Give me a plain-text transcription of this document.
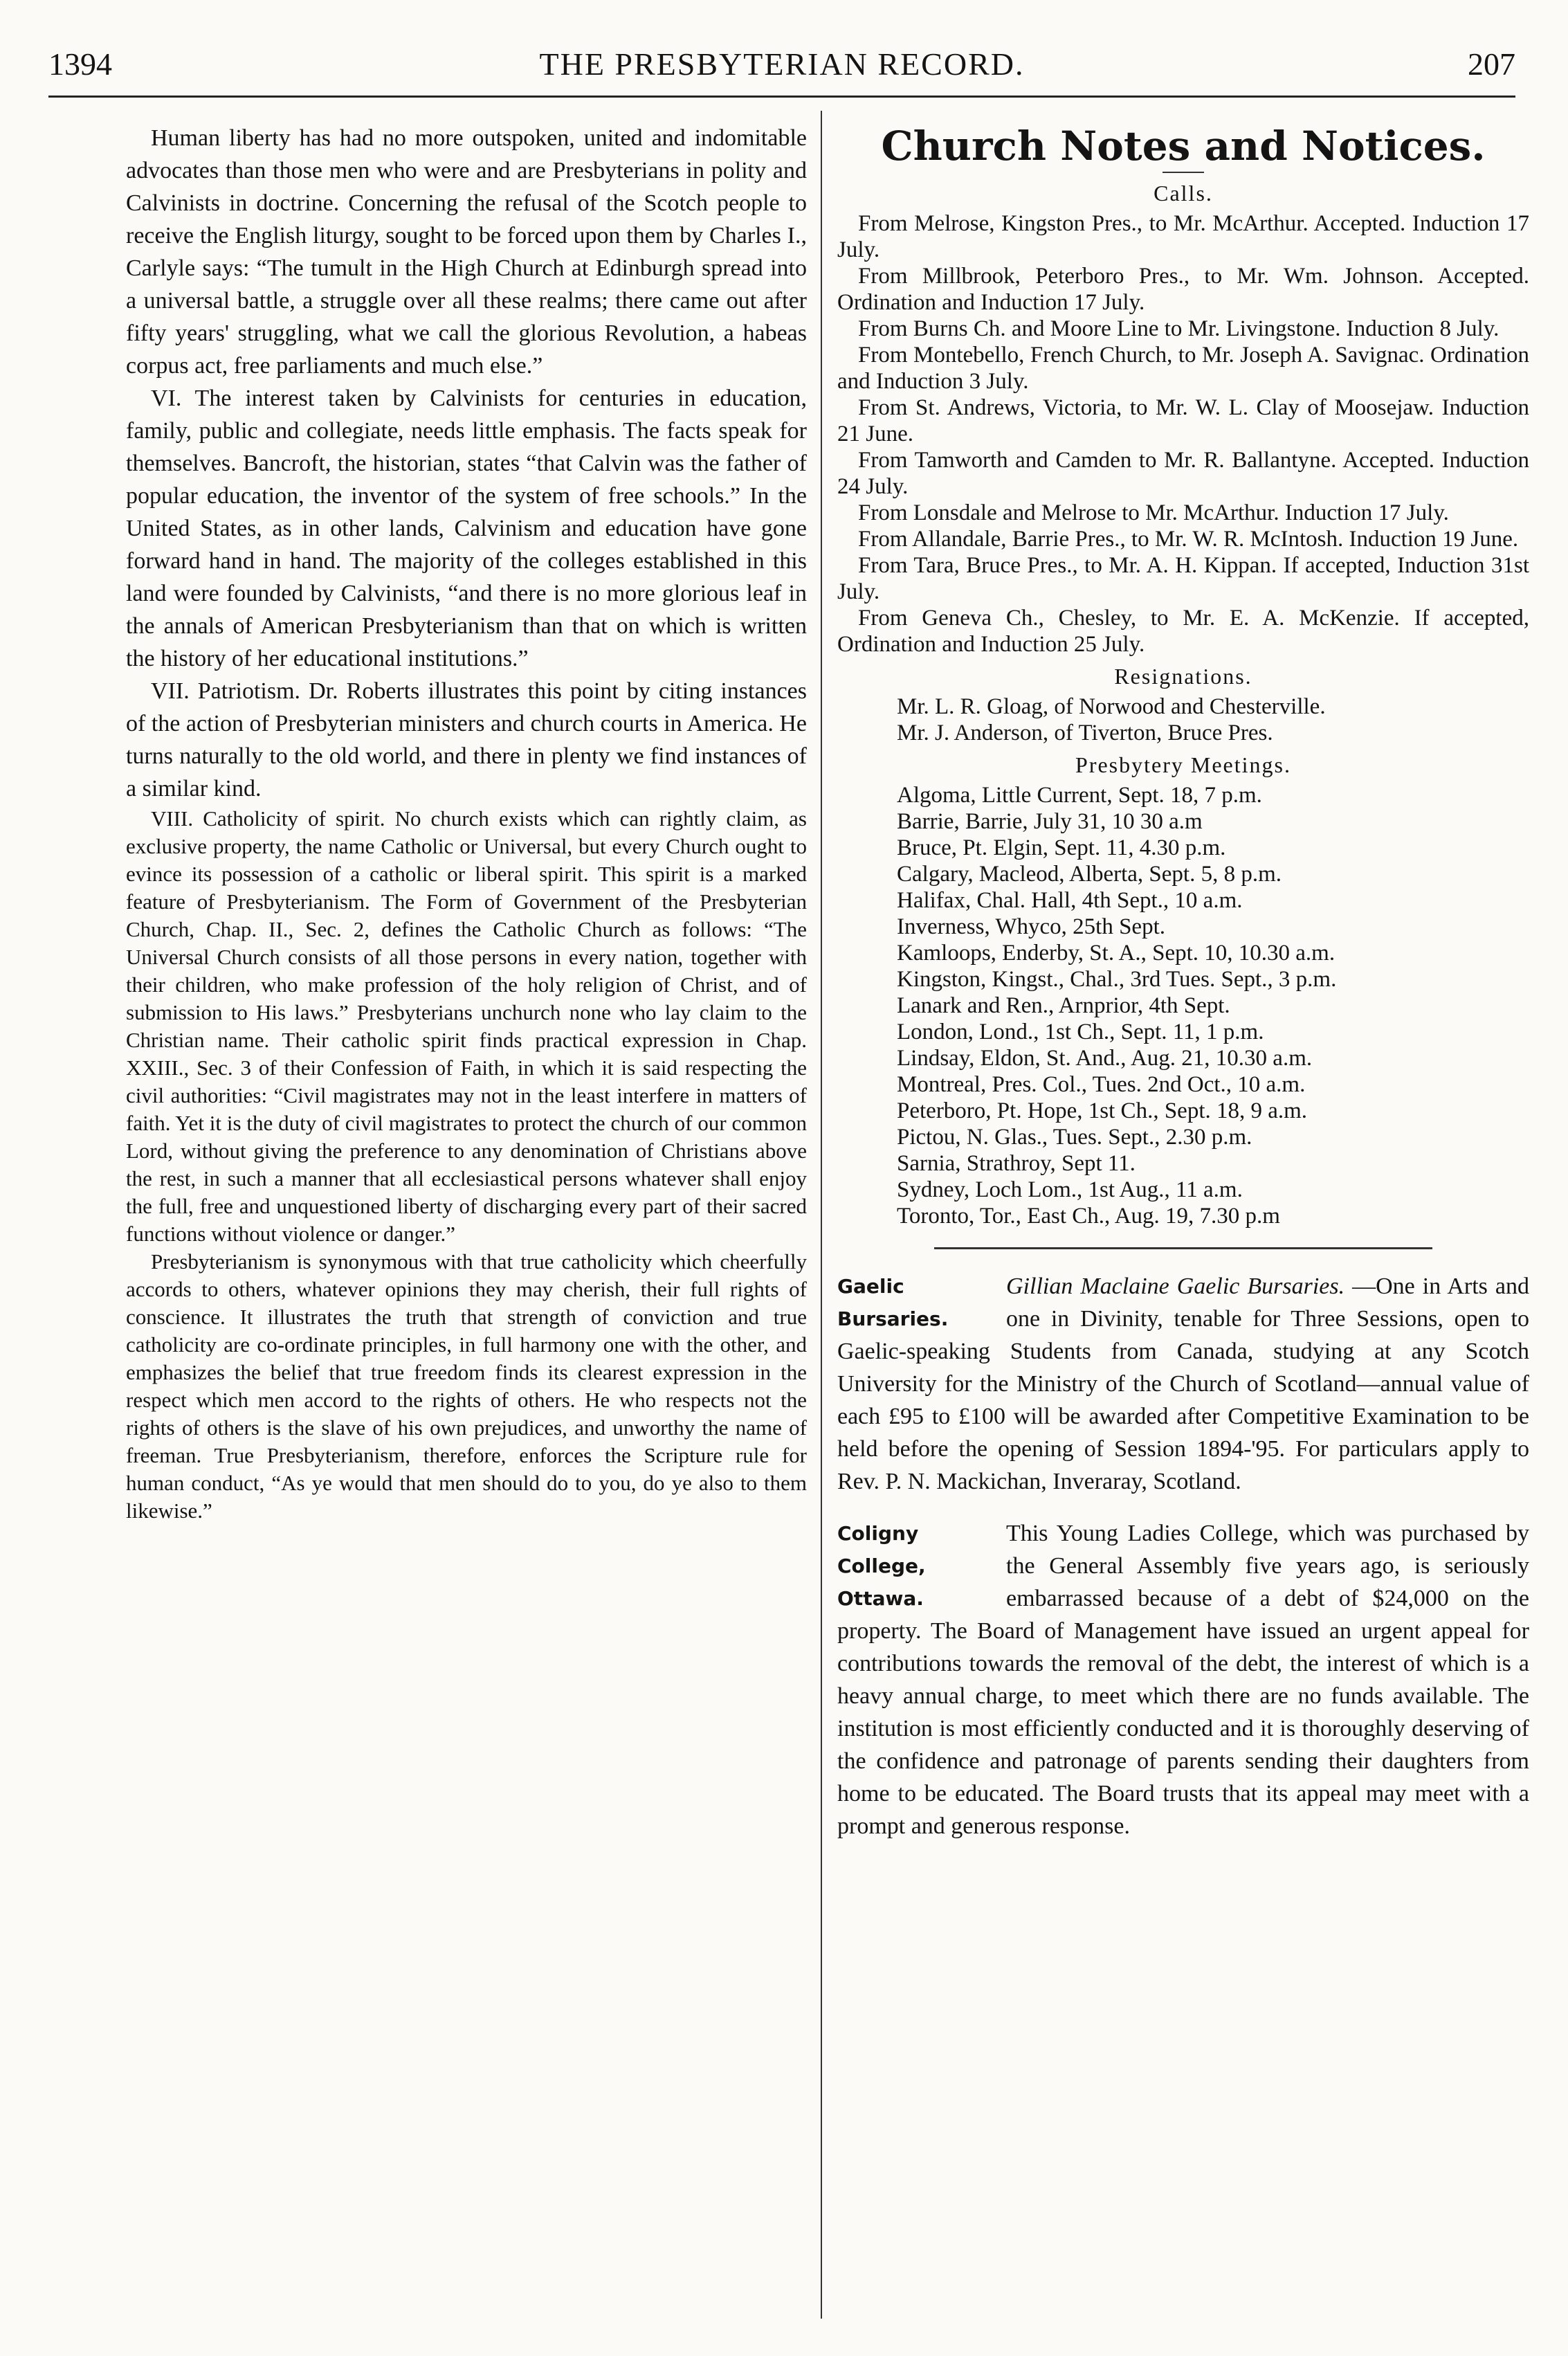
THE PRESBYTERIAN RECORD.
1394	207

Human liberty has had no more outspoken, united and indomitable advocates than those men who were and are Presbyterians in polity and Calvinists in doctrine. Concerning the refusal of the Scotch people to receive the English liturgy, sought to be forced upon them by Charles I., Carlyle says: “The tumult in the High Church at Edinburgh spread into a universal battle, a struggle over all these realms; there came out after fifty years' struggling, what we call the glorious Revolution, a habeas corpus act, free parliaments and much else.”

VI. The interest taken by Calvinists for centuries in education, family, public and collegiate, needs little emphasis. The facts speak for themselves. Bancroft, the historian, states “that Calvin was the father of popular education, the inventor of the system of free schools.” In the United States, as in other lands, Calvinism and education have gone forward hand in hand. The majority of the colleges established in this land were founded by Calvinists, “and there is no more glorious leaf in the annals of American Presbyterianism than that on which is written the history of her educational institutions.”

VII. Patriotism. Dr. Roberts illustrates this point by citing instances of the action of Presbyterian ministers and church courts in America. He turns naturally to the old world, and there in plenty we find instances of a similar kind.

VIII. Catholicity of spirit. No church exists which can rightly claim, as exclusive property, the name Catholic or Universal, but every Church ought to evince its possession of a catholic or liberal spirit. This spirit is a marked feature of Presbyterianism. The Form of Government of the Presbyterian Church, Chap. II., Sec. 2, defines the Catholic Church as follows: “The Universal Church consists of all those persons in every nation, together with their children, who make profession of the holy religion of Christ, and of submission to His laws.” Presbyterians unchurch none who lay claim to the Christian name. Their catholic spirit finds practical expression in Chap. XXIII., Sec. 3 of their Confession of Faith, in which it is said respecting the civil authorities: “Civil magistrates may not in the least interfere in matters of faith. Yet it is the duty of civil magistrates to protect the church of our common Lord, without giving the preference to any denomination of Christians above the rest, in such a manner that all ecclesiastical persons whatever shall enjoy the full, free and unquestioned liberty of discharging every part of their sacred functions without violence or danger.”

Presbyterianism is synonymous with that true catholicity which cheerfully accords to others, whatever opinions they may cherish, their full rights of conscience. It illustrates the truth that strength of conviction and true catholicity are co-ordinate principles, in full harmony one with the other, and emphasizes the belief that true freedom finds its clearest expression in the respect which men accord to the rights of others. He who respects not the rights of others is the slave of his own prejudices, and unworthy the name of freeman. True Presbyterianism, therefore, enforces the Scripture rule for human conduct, “As ye would that men should do to you, do ye also to them likewise.”

Church Notes and Notices.
Calls.

From Melrose, Kingston Pres., to Mr. McArthur. Accepted. Induction 17 July.

From Millbrook, Peterboro Pres., to Mr. Wm. Johnson. Accepted. Ordination and Induction 17 July.

From Burns Ch. and Moore Line to Mr. Livingstone. Induction 8 July.

From Montebello, French Church, to Mr. Joseph A. Savignac. Ordination and Induction 3 July.

From St. Andrews, Victoria, to Mr. W. L. Clay of Moosejaw. Induction 21 June.

From Tamworth and Camden to Mr. R. Ballantyne. Accepted. Induction 24 July.

From Lonsdale and Melrose to Mr. McArthur. Induction 17 July.

From Allandale, Barrie Pres., to Mr. W. R. McIntosh. Induction 19 June.

From Tara, Bruce Pres., to Mr. A. H. Kippan. If accepted, Induction 31st July.

From Geneva Ch., Chesley, to Mr. E. A. McKenzie. If accepted, Ordination and Induction 25 July.

Resignations.

Mr. L. R. Gloag, of Norwood and Chesterville.

Mr. J. Anderson, of Tiverton, Bruce Pres.

Presbytery Meetings.

Algoma, Little Current, Sept. 18, 7 p.m.

Barrie, Barrie, July 31, 10 30 a.m

Bruce, Pt. Elgin, Sept. 11, 4.30 p.m.

Calgary, Macleod, Alberta, Sept. 5, 8 p.m.

Halifax, Chal. Hall, 4th Sept., 10 a.m.

Inverness, Whyco, 25th Sept.

Kamloops, Enderby, St. A., Sept. 10, 10.30 a.m.

Kingston, Kingst., Chal., 3rd Tues. Sept., 3 p.m.

Lanark and Ren., Arnprior, 4th Sept.

London, Lond., 1st Ch., Sept. 11, 1 p.m.

Lindsay, Eldon, St. And., Aug. 21, 10.30 a.m.

Montreal, Pres. Col., Tues. 2nd Oct., 10 a.m.

Peterboro, Pt. Hope, 1st Ch., Sept. 18, 9 a.m.

Pictou, N. Glas., Tues. Sept., 2.30 p.m.

Sarnia, Strathroy, Sept 11.

Sydney, Loch Lom., 1st Aug., 11 a.m.

Toronto, Tor., East Ch., Aug. 19, 7.30 p.m

Gaelic
Bursaries.
Gillian Maclaine Gaelic Bursaries. —One in Arts and one in Divinity, tenable for Three Sessions, open to Gaelic-speaking Students from Canada, studying at any Scotch University for the Ministry of the Church of Scotland—annual value of each £95 to £100 will be awarded after Competitive Examination to be held before the opening of Session 1894-'95. For particulars apply to Rev. P. N. Mackichan, Inveraray, Scotland.
Coligny College,
Ottawa.
This Young Ladies College, which was purchased by the General Assembly five years ago, is seriously embarrassed because of a debt of $24,000 on the property. The Board of Management have issued an urgent appeal for contributions towards the removal of the debt, the interest of which is a heavy annual charge, to meet which there are no funds available. The institution is most efficiently conducted and it is thoroughly deserving of the confidence and patronage of parents sending their daughters from home to be educated. The Board trusts that its appeal may meet with a prompt and generous response.
